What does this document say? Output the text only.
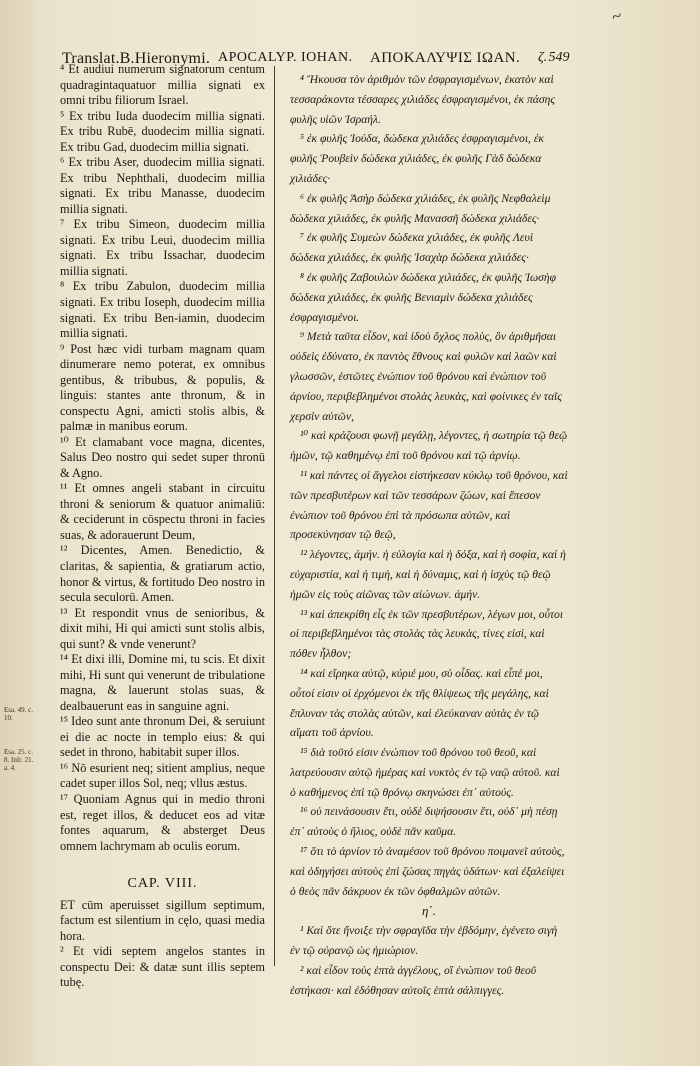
~
Translat.B.Hieronymi. APOCALYP. IOHAN. ΑΠΟΚΑΛΥΨΙΣ ΙΩΑΝ. ζ.
549
Esa. 49. c. 10.
Esa. 25. c. 8. Infr. 21. a. 4.

⁴ Et audiui numerum signatorum centum quadragintaquatuor millia signati ex omni tribu filiorum Israel.

⁵ Ex tribu Iuda duodecim millia signati. Ex tribu Rubē, duodecim millia signati. Ex tribu Gad, duodecim millia signati.

⁶ Ex tribu Aser, duodecim millia signati. Ex tribu Nephthali, duodecim millia signati. Ex tribu Manasse, duodecim millia signati.

⁷ Ex tribu Simeon, duodecim millia signati. Ex tribu Leui, duodecim millia signati. Ex tribu Issachar, duodecim millia signati.

⁸ Ex tribu Zabulon, duodecim millia signati. Ex tribu Ioseph, duodecim millia signati. Ex tribu Ben-iamin, duodecim millia signati.

⁹ Post hæc vidi turbam magnam quam dinumerare nemo poterat, ex omnibus gentibus, & tribubus, & populis, & linguis: stantes ante thronum, & in conspectu Agni, amicti stolis albis, & palmæ in manibus eorum.

¹⁰ Et clamabant voce magna, dicentes, Salus Deo nostro qui sedet super thronū & Agno.

¹¹ Et omnes angeli stabant in circuitu throni & seniorum & quatuor animaliū: & ceciderunt in cōspectu throni in facies suas, & adorauerunt Deum,

¹² Dicentes, Amen. Benedictio, & claritas, & sapientia, & gratiarum actio, honor & virtus, & fortitudo Deo nostro in secula seculorū. Amen.

¹³ Et respondit vnus de senioribus, & dixit mihi, Hi qui amicti sunt stolis albis, qui sunt? & vnde venerunt?

¹⁴ Et dixi illi, Domine mi, tu scis. Et dixit mihi, Hi sunt qui venerunt de tribulatione magna, & lauerunt stolas suas, & dealbauerunt eas in sanguine agni.

¹⁵ Ideo sunt ante thronum Dei, & seruiunt ei die ac nocte in templo eius: & qui sedet in throno, habitabit super illos.

¹⁶ Nō esurient neq; sitient amplius, neque cadet super illos Sol, neq; vllus æstus.

¹⁷ Quoniam Agnus qui in medio throni est, reget illos, & deducet eos ad vitæ fontes aquarum, & absterget Deus omnem lachrymam ab oculis eorum.

CAP. VIII.

ET cūm aperuisset sigillum septimum, factum est silentium in cęlo, quasi media hora.

² Et vidi septem angelos stantes in conspectu Dei: & datæ sunt illis septem tubę.

⁴ Ἤκουσα τὸν ἀριθμὸν τῶν ἐσφραγισμένων, ἑκατὸν καὶ τεσσαράκοντα τέσσαρες χιλιάδες ἐσφραγισμένοι, ἐκ πάσης φυλῆς υἱῶν Ἰσραήλ.

⁵ ἐκ φυλῆς Ἰούδα, δώδεκα χιλιάδες ἐσφραγισμένοι, ἐκ φυλῆς Ῥουβεὶν δώδεκα χιλιάδες, ἐκ φυλῆς Γὰδ δώδεκα χιλιάδες·

⁶ ἐκ φυλῆς Ἀσὴρ δώδεκα χιλιάδες, ἐκ φυλῆς Νεφθαλεὶμ δώδεκα χιλιάδες, ἐκ φυλῆς Μανασσῆ δώδεκα χιλιάδες·

⁷ ἐκ φυλῆς Συμεὼν δώδεκα χιλιάδες, ἐκ φυλῆς Λευὶ δώδεκα χιλιάδες, ἐκ φυλῆς Ἰσαχὰρ δώδεκα χιλιάδες·

⁸ ἐκ φυλῆς Ζαβουλὼν δώδεκα χιλιάδες, ἐκ φυλῆς Ἰωσὴφ δώδεκα χιλιάδες, ἐκ φυλῆς Βενιαμὶν δώδεκα χιλιάδες ἐσφραγισμένοι.

⁹ Μετὰ ταῦτα εἶδον, καὶ ἰδοὺ ὄχλος πολὺς, ὃν ἀριθμῆσαι οὐδεὶς ἐδύνατο, ἐκ παντὸς ἔθνους καὶ φυλῶν καὶ λαῶν καὶ γλωσσῶν, ἑστῶτες ἐνώπιον τοῦ θρόνου καὶ ἐνώπιον τοῦ ἀρνίου, περιβεβλημένοι στολὰς λευκὰς, καὶ φοίνικες ἐν ταῖς χερσὶν αὐτῶν,

¹⁰ καὶ κράζουσι φωνῇ μεγάλῃ, λέγοντες, ἡ σωτηρία τῷ θεῷ ἡμῶν, τῷ καθημένῳ ἐπὶ τοῦ θρόνου καὶ τῷ ἀρνίῳ.

¹¹ καὶ πάντες οἱ ἄγγελοι εἱστήκεσαν κύκλῳ τοῦ θρόνου, καὶ τῶν πρεσβυτέρων καὶ τῶν τεσσάρων ζώων, καὶ ἔπεσον ἐνώπιον τοῦ θρόνου ἐπὶ τὰ πρόσωπα αὐτῶν, καὶ προσεκύνησαν τῷ θεῷ,

¹² λέγοντες, ἀμήν. ἡ εὐλογία καὶ ἡ δόξα, καὶ ἡ σοφία, καὶ ἡ εὐχαριστία, καὶ ἡ τιμὴ, καὶ ἡ δύναμις, καὶ ἡ ἰσχὺς τῷ θεῷ ἡμῶν εἰς τοὺς αἰῶνας τῶν αἰώνων. ἀμήν.

¹³ καὶ ἀπεκρίθη εἷς ἐκ τῶν πρεσβυτέρων, λέγων μοι, οὗτοι οἱ περιβεβλημένοι τὰς στολὰς τὰς λευκὰς, τίνες εἰσὶ, καὶ πόθεν ἦλθον;

¹⁴ καὶ εἴρηκα αὐτῷ, κύριέ μου, σὺ οἶδας. καὶ εἶπέ μοι, οὗτοί εἰσιν οἱ ἐρχόμενοι ἐκ τῆς θλίψεως τῆς μεγάλης, καὶ ἔπλυναν τὰς στολὰς αὐτῶν, καὶ ἐλεύκαναν αὐτὰς ἐν τῷ αἵματι τοῦ ἀρνίου.

¹⁵ διὰ τοῦτό εἰσιν ἐνώπιον τοῦ θρόνου τοῦ θεοῦ, καὶ λατρεύουσιν αὐτῷ ἡμέρας καὶ νυκτὸς ἐν τῷ ναῷ αὐτοῦ. καὶ ὁ καθήμενος ἐπὶ τῷ θρόνῳ σκηνώσει ἐπ᾽ αὐτούς.

¹⁶ οὐ πεινάσουσιν ἔτι, οὐδὲ διψήσουσιν ἔτι, οὐδ᾽ μὴ πέσῃ ἐπ᾽ αὐτοὺς ὁ ἥλιος, οὐδὲ πᾶν καῦμα.

¹⁷ ὅτι τὸ ἀρνίον τὸ ἀναμέσον τοῦ θρόνου ποιμανεῖ αὐτοὺς, καὶ ὁδηγήσει αὐτοὺς ἐπὶ ζώσας πηγὰς ὑδάτων· καὶ ἐξαλείψει ὁ θεὸς πᾶν δάκρυον ἐκ τῶν ὀφθαλμῶν αὐτῶν.

η΄.

¹ Καὶ ὅτε ἤνοιξε τὴν σφραγῖδα τὴν ἑβδόμην, ἐγένετο σιγὴ ἐν τῷ οὐρανῷ ὡς ἡμιώριον.

² καὶ εἶδον τοὺς ἑπτὰ ἀγγέλους, οἳ ἐνώπιον τοῦ θεοῦ ἑστήκασι· καὶ ἐδόθησαν αὐτοῖς ἑπτὰ σάλπιγγες.
